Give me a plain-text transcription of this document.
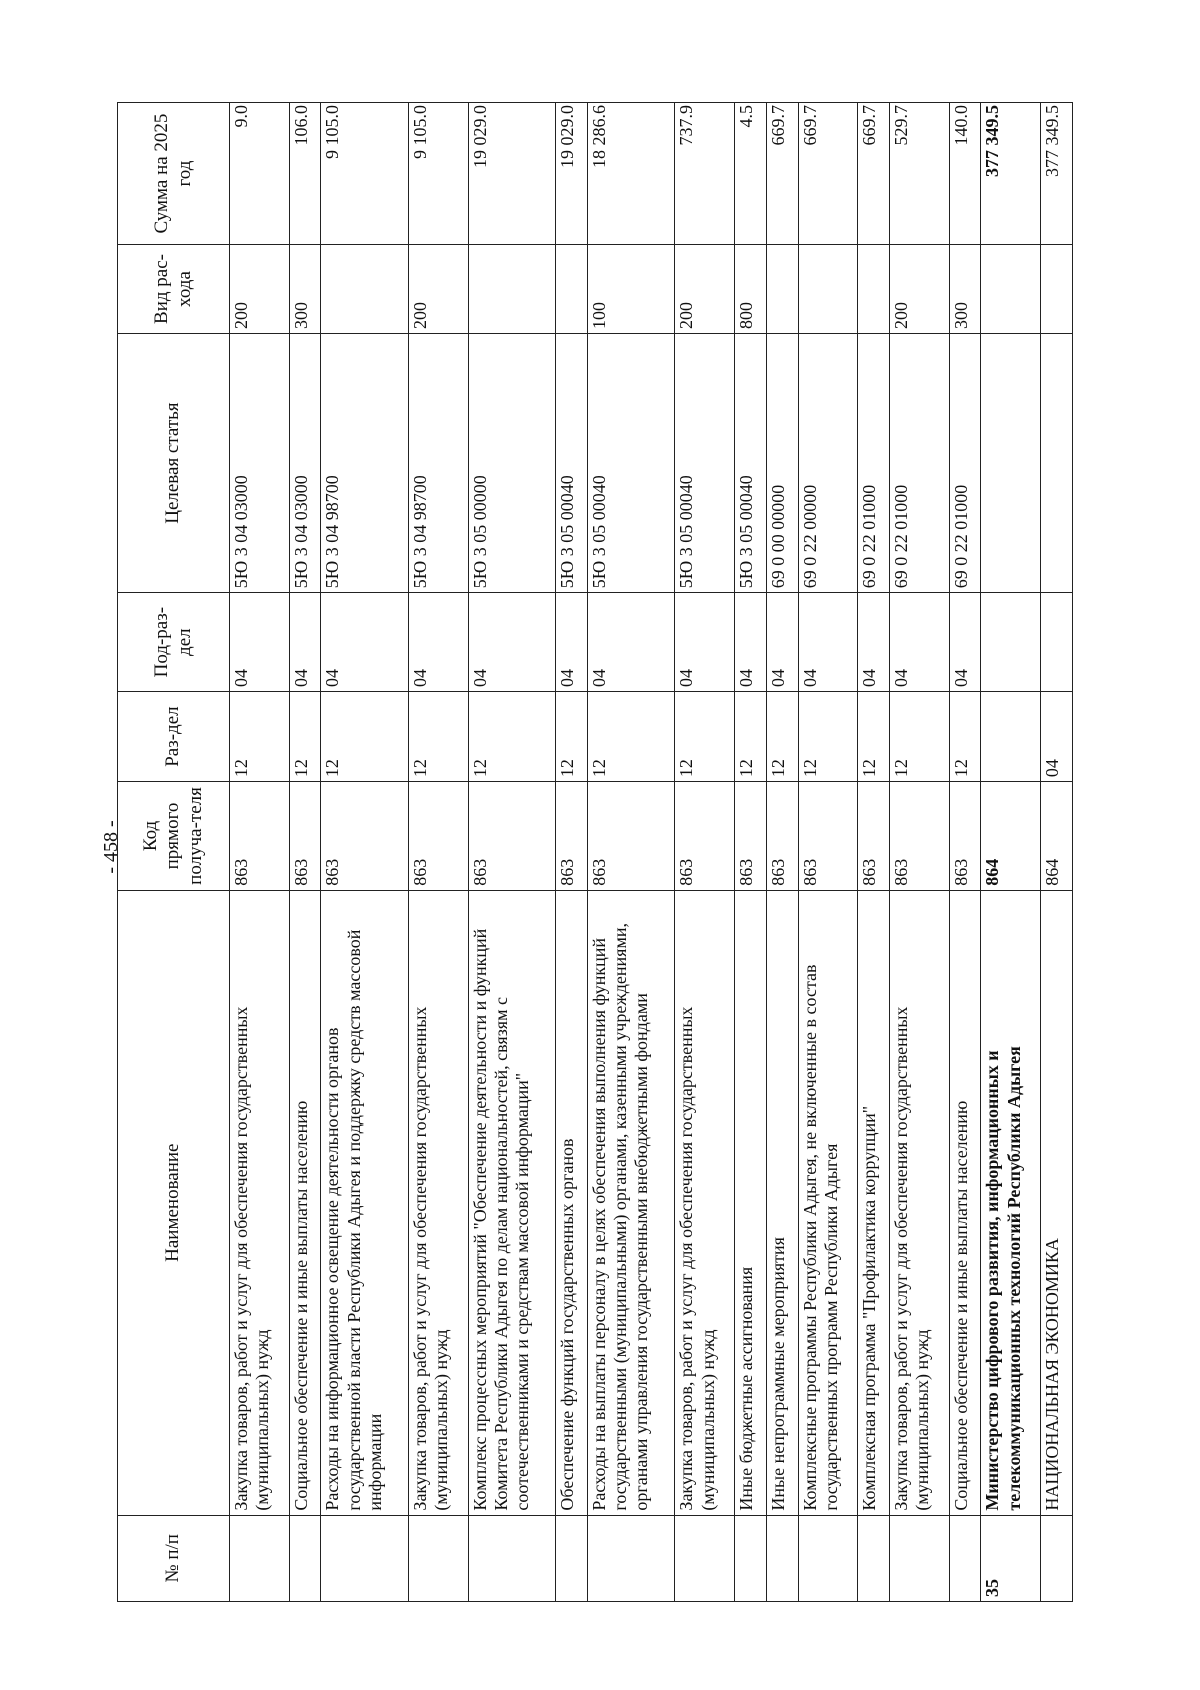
- 458 -
№ п/п	Наименование	Код прямого получа-теля	Раз-дел	Под-раз-дел	Целевая статья	Вид рас-хода	Сумма на 2025 год
	Закупка товаров, работ и услуг для обеспечения государственных (муниципальных) нужд	863	12	04	5Ю 3 04 03000	200	9.0
	Социальное обеспечение и иные выплаты населению	863	12	04	5Ю 3 04 03000	300	106.0
	Расходы на информационное освещение деятельности органов государственной власти Республики Адыгея и поддержку средств массовой информации	863	12	04	5Ю 3 04 98700		9 105.0
	Закупка товаров, работ и услуг для обеспечения государственных (муниципальных) нужд	863	12	04	5Ю 3 04 98700	200	9 105.0
	Комплекс процессных мероприятий "Обеспечение деятельности и функций Комитета Республики Адыгея по делам национальностей, связям с соотечественниками и средствам массовой информации"	863	12	04	5Ю 3 05 00000		19 029.0
	Обеспечение функций государственных органов	863	12	04	5Ю 3 05 00040		19 029.0
	Расходы на выплаты персоналу в целях обеспечения выполнения функций государственными (муниципальными) органами, казенными учреждениями, органами управления государственными внебюджетными фондами	863	12	04	5Ю 3 05 00040	100	18 286.6
	Закупка товаров, работ и услуг для обеспечения государственных (муниципальных) нужд	863	12	04	5Ю 3 05 00040	200	737.9
	Иные бюджетные ассигнования	863	12	04	5Ю 3 05 00040	800	4.5
	Иные непрограммные мероприятия	863	12	04	69 0 00 00000		669.7
	Комплексные программы Республики Адыгея, не включенные в состав государственных программ Республики Адыгея	863	12	04	69 0 22 00000		669.7
	Комплексная программа "Профилактика коррупции"	863	12	04	69 0 22 01000		669.7
	Закупка товаров, работ и услуг для обеспечения государственных (муниципальных) нужд	863	12	04	69 0 22 01000	200	529.7
	Социальное обеспечение и иные выплаты населению	863	12	04	69 0 22 01000	300	140.0
35	Министерство цифрового развития, информационных и телекоммуникационных технологий Республики Адыгея	864					377 349.5
	НАЦИОНАЛЬНАЯ ЭКОНОМИКА	864	04				377 349.5
